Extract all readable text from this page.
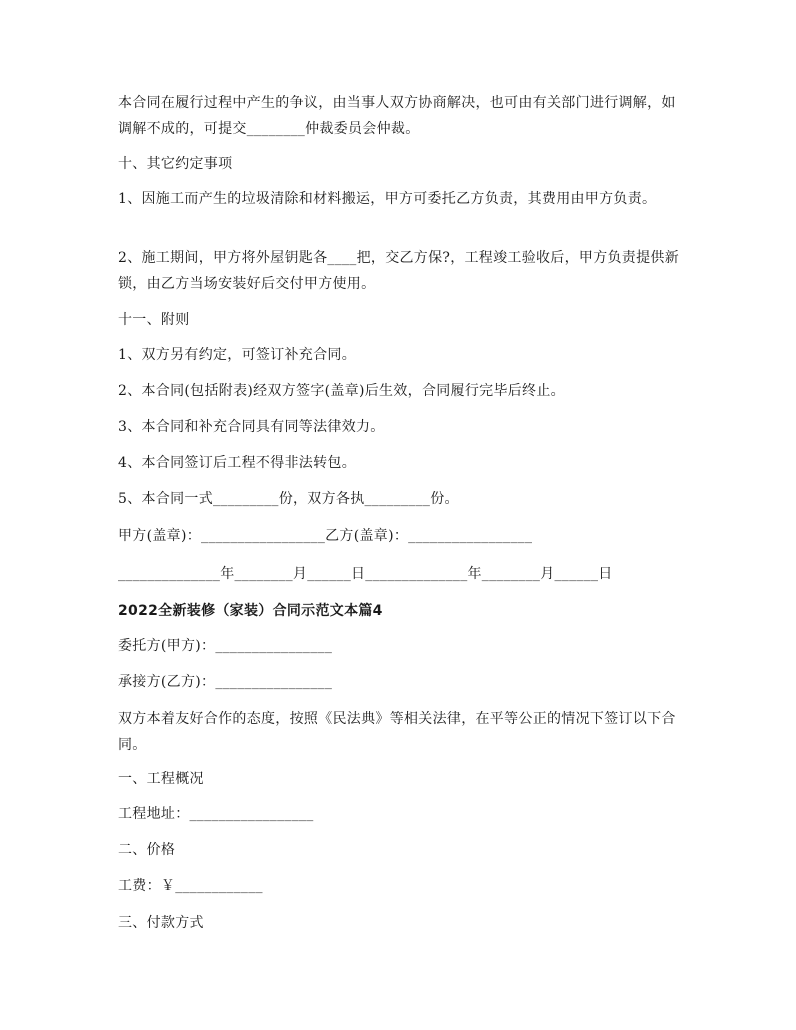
本合同在履行过程中产生的争议，由当事人双方协商解决，也可由有关部门进行调解，如调解不成的，可提交________仲裁委员会仲裁。

十、其它约定事项

1、因施工而产生的垃圾清除和材料搬运，甲方可委托乙方负责，其费用由甲方负责。

2、施工期间，甲方将外屋钥匙各____把，交乙方保?，工程竣工验收后，甲方负责提供新锁，由乙方当场安装好后交付甲方使用。

十一、附则

1、双方另有约定，可签订补充合同。

2、本合同(包括附表)经双方签字(盖章)后生效，合同履行完毕后终止。

3、本合同和补充合同具有同等法律效力。

4、本合同签订后工程不得非法转包。

5、本合同一式_________份，双方各执_________份。

甲方(盖章)：_________________乙方(盖章)：_________________

______________年________月______日______________年________月______日

2022全新装修（家装）合同示范文本篇4

委托方(甲方)：________________

承接方(乙方)：________________

双方本着友好合作的态度，按照《民法典》等相关法律，在平等公正的情况下签订以下合同。

一、工程概况

工程地址：_________________

二、价格

工费：￥____________

三、付款方式
